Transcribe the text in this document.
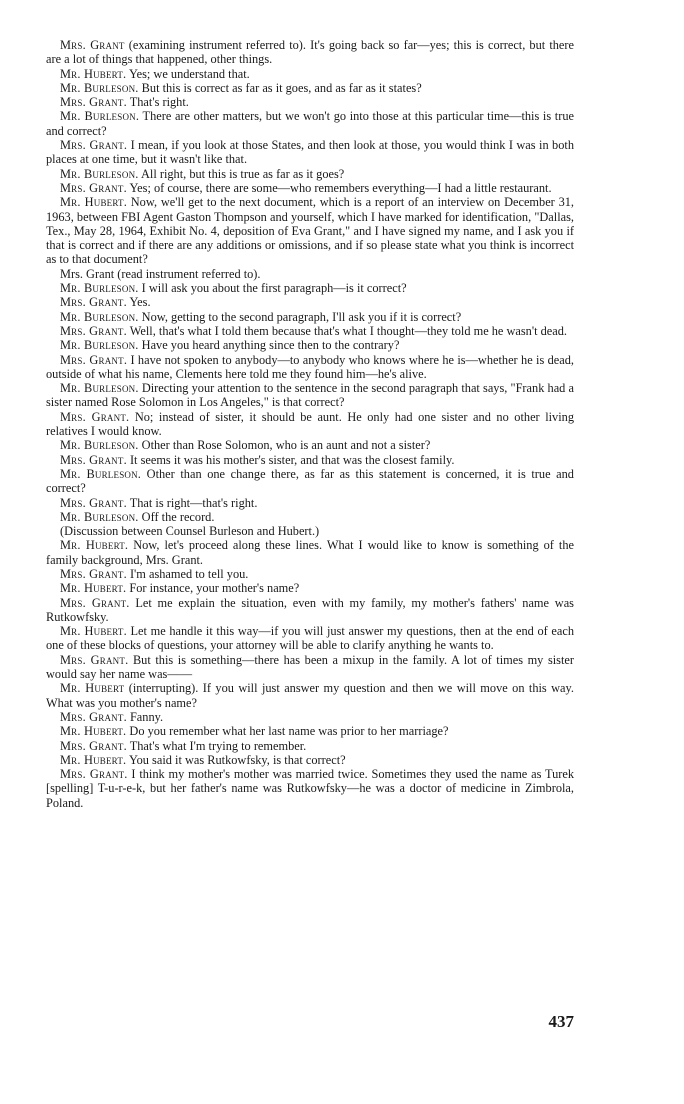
Mrs. Grant (examining instrument referred to). It's going back so far—yes; this is correct, but there are a lot of things that happened, other things.

Mr. Hubert. Yes; we understand that.

Mr. Burleson. But this is correct as far as it goes, and as far as it states?

Mrs. Grant. That's right.

Mr. Burleson. There are other matters, but we won't go into those at this particular time—this is true and correct?

Mrs. Grant. I mean, if you look at those States, and then look at those, you would think I was in both places at one time, but it wasn't like that.

Mr. Burleson. All right, but this is true as far as it goes?

Mrs. Grant. Yes; of course, there are some—who remembers everything—I had a little restaurant.

Mr. Hubert. Now, we'll get to the next document, which is a report of an interview on December 31, 1963, between FBI Agent Gaston Thompson and yourself, which I have marked for identification, "Dallas, Tex., May 28, 1964, Exhibit No. 4, deposition of Eva Grant," and I have signed my name, and I ask you if that is correct and if there are any additions or omissions, and if so please state what you think is incorrect as to that document?

Mrs. Grant (read instrument referred to).

Mr. Burleson. I will ask you about the first paragraph—is it correct?

Mrs. Grant. Yes.

Mr. Burleson. Now, getting to the second paragraph, I'll ask you if it is correct?

Mrs. Grant. Well, that's what I told them because that's what I thought—they told me he wasn't dead.

Mr. Burleson. Have you heard anything since then to the contrary?

Mrs. Grant. I have not spoken to anybody—to anybody who knows where he is—whether he is dead, outside of what his name, Clements here told me they found him—he's alive.

Mr. Burleson. Directing your attention to the sentence in the second paragraph that says, "Frank had a sister named Rose Solomon in Los Angeles," is that correct?

Mrs. Grant. No; instead of sister, it should be aunt. He only had one sister and no other living relatives I would know.

Mr. Burleson. Other than Rose Solomon, who is an aunt and not a sister?

Mrs. Grant. It seems it was his mother's sister, and that was the closest family.

Mr. Burleson. Other than one change there, as far as this statement is concerned, it is true and correct?

Mrs. Grant. That is right—that's right.

Mr. Burleson. Off the record.

(Discussion between Counsel Burleson and Hubert.)

Mr. Hubert. Now, let's proceed along these lines. What I would like to know is something of the family background, Mrs. Grant.

Mrs. Grant. I'm ashamed to tell you.

Mr. Hubert. For instance, your mother's name?

Mrs. Grant. Let me explain the situation, even with my family, my mother's fathers' name was Rutkowfsky.

Mr. Hubert. Let me handle it this way—if you will just answer my questions, then at the end of each one of these blocks of questions, your attorney will be able to clarify anything he wants to.

Mrs. Grant. But this is something—there has been a mixup in the family. A lot of times my sister would say her name was——

Mr. Hubert (interrupting). If you will just answer my question and then we will move on this way. What was you mother's name?

Mrs. Grant. Fanny.

Mr. Hubert. Do you remember what her last name was prior to her marriage?

Mrs. Grant. That's what I'm trying to remember.

Mr. Hubert. You said it was Rutkowfsky, is that correct?

Mrs. Grant. I think my mother's mother was married twice. Sometimes they used the name as Turek [spelling] T-u-r-e-k, but her father's name was Rutkowfsky—he was a doctor of medicine in Zimbrola, Poland.

437
